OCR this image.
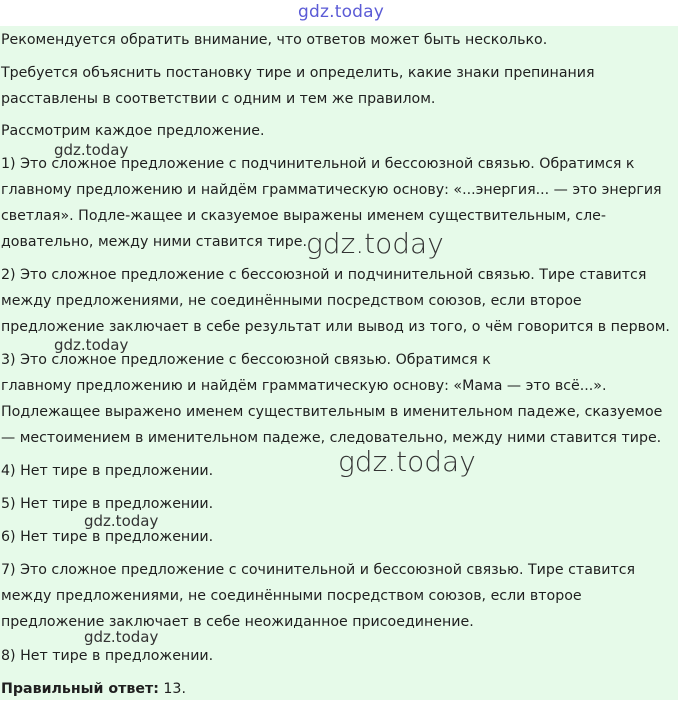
gdz.today

Рекомендуется обратить внимание, что ответов может быть несколько.

Требуется объяснить постановку тире и определить, какие знаки препинания

расставлены в соответствии с одним и тем же правилом.

Рассмотрим каждое предложение.

gdz.today

1) Это сложное предложение с подчинительной и бессоюзной связью. Обратимся к

главному предложению и найдём грамматическую основу: «...энергия... — это энергия

светлая». Подле-жащее и сказуемое выражены именем существительным, сле-

довательно, между ними ставится тире. gdz.today

2) Это сложное предложение с бессоюзной и подчинительной связью. Тире ставится

между предложениями, не соединёнными посредством союзов, если второе

предложение заключает в себе результат или вывод из того, о чём говорится в первом.

gdz.today

3) Это сложное предложение с бессоюзной связью. Обратимся к

главному предложению и найдём грамматическую основу: «Мама — это всё...».

Подлежащее выражено именем существительным в именительном падеже, сказуемое

— местоимением в именительном падеже, следовательно, между ними ставится тире.

gdz.today

4) Нет тире в предложении.

5) Нет тире в предложении.

gdz.today

6) Нет тире в предложении.

7) Это сложное предложение с сочинительной и бессоюзной связью. Тире ставится

между предложениями, не соединёнными посредством союзов, если второе

предложение заключает в себе неожиданное присоединение.

gdz.today

8) Нет тире в предложении.

Правильный ответ: 13.
